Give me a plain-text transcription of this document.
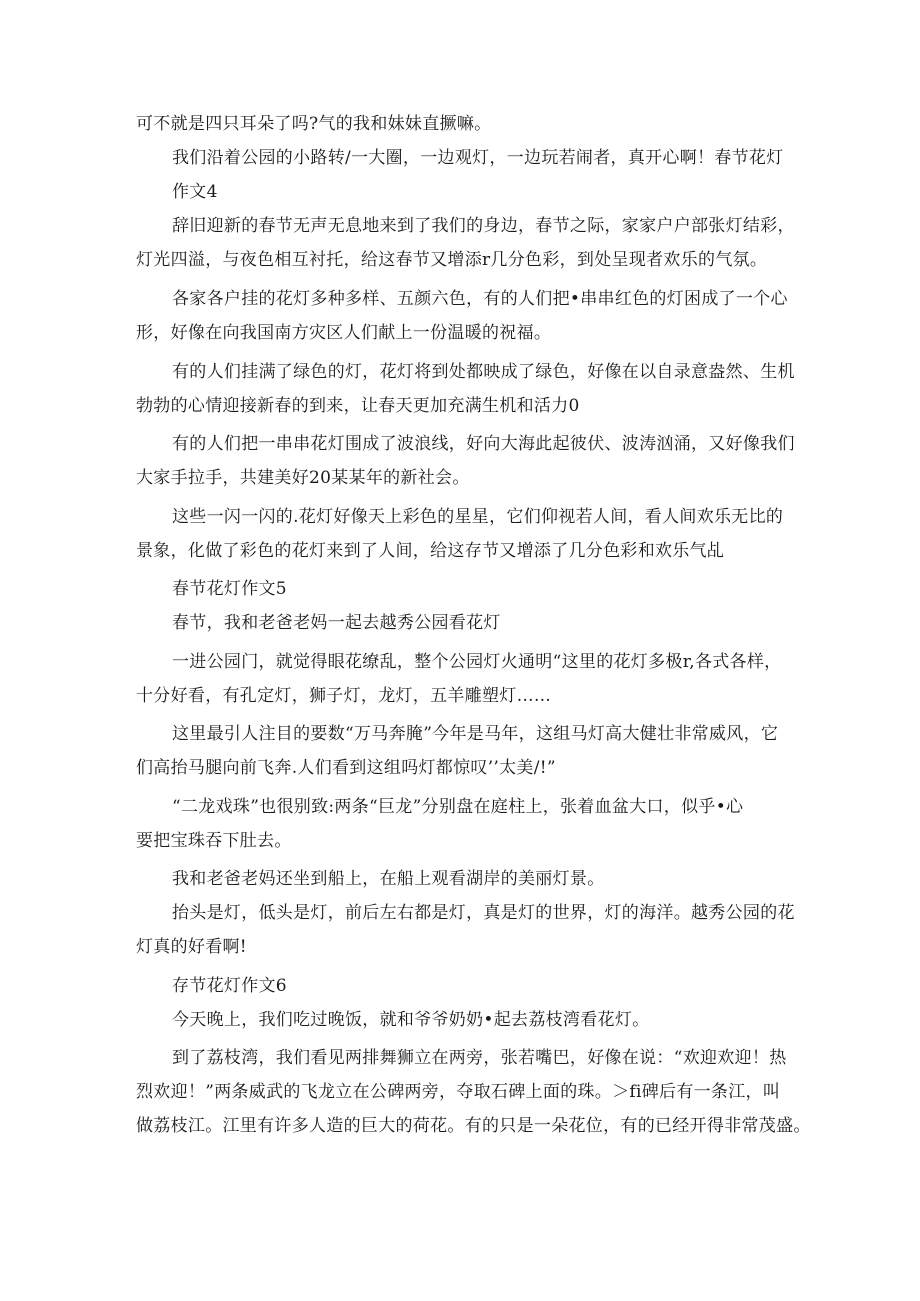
可不就是四只耳朵了吗?气的我和妹妹直撅嘛。
我们沿着公园的小路转/一大圈，一边观灯，一边玩若闹者，真开心啊！春节花灯
作文4
辞旧迎新的春节无声无息地来到了我们的身边，春节之际，家家户户部张灯结彩，
灯光四溢，与夜色相互衬托，给这春节又增添r几分色彩，到处呈现者欢乐的气氛。
各家各户挂的花灯多种多样、五颜六色，有的人们把•串串红色的灯困成了一个心
形，好像在向我国南方灾区人们献上一份温暖的祝福。
有的人们挂满了绿色的灯，花灯将到处都映成了绿色，好像在以自录意盎然、生机
勃勃的心情迎接新春的到来，让春天更加充满生机和活力0
有的人们把一串串花灯围成了波浪线，好向大海此起彼伏、波涛汹涌，又好像我们
大家手拉手，共建美好20某某年的新社会。
这些一闪一闪的.花灯好像天上彩色的星星，它们仰视若人间，看人间欢乐无比的
景象，化做了彩色的花灯来到了人间，给这存节又增添了几分色彩和欢乐气乩
春节花灯作文5
春节，我和老爸老妈一起去越秀公园看花灯
一进公园门，就觉得眼花缭乱，整个公园灯火通明“这里的花灯多极r,各式各样，
十分好看，有孔定灯，狮子灯，龙灯，五羊雕塑灯……
这里最引人注目的要数“万马奔腌”今年是马年，这组马灯高大健壮非常威风，它
们高抬马腿向前飞奔.人们看到这组吗灯都惊叹’’太美/!”
“二龙戏珠”也很别致:两条“巨龙”分别盘在庭柱上，张着血盆大口，似乎•心
要把宝珠吞下肚去。
我和老爸老妈还坐到船上，在船上观看湖岸的美丽灯景。
抬头是灯，低头是灯，前后左右都是灯，真是灯的世界，灯的海洋。越秀公园的花
灯真的好看啊!
存节花灯作文6
今天晚上，我们吃过晚饭，就和爷爷奶奶•起去荔枝湾看花灯。
到了荔枝湾，我们看见两排舞狮立在两旁，张若嘴巴，好像在说：“欢迎欢迎！热
烈欢迎！”两条威武的飞龙立在公碑两旁，夺取石碑上面的珠。＞fi碑后有一条江，叫
做荔枝江。江里有许多人造的巨大的荷花。有的只是一朵花位，有的已经开得非常茂盛。
